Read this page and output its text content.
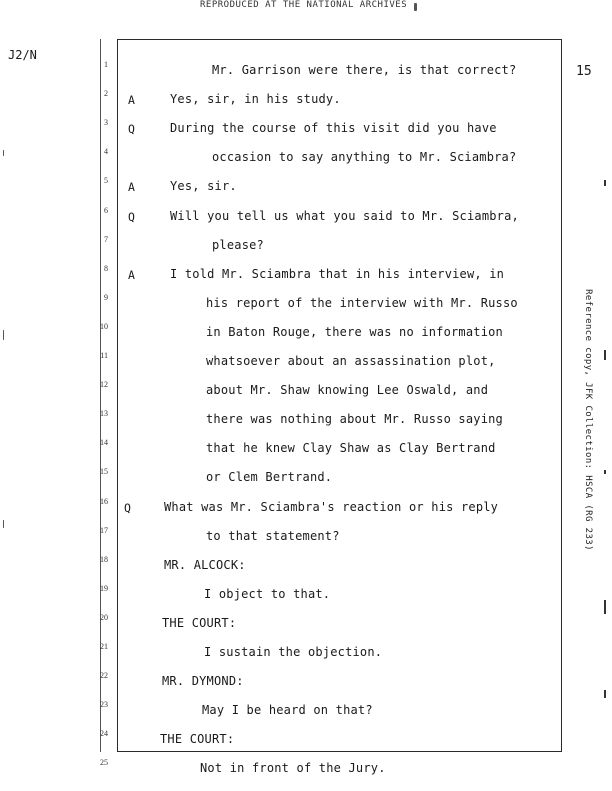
REPRODUCED AT THE NATIONAL ARCHIVES
J2/N
15
Reference copy, JFK Collection: HSCA (RG 233)
1	Mr. Garrison were there, is that correct?
2 A	Yes, sir, in his study.
3 Q	During the course of this visit did you have
4	occasion to say anything to Mr. Sciambra?
5 A	Yes, sir.
6 Q	Will you tell us what you said to Mr. Sciambra,
7	please?
8 A	I told Mr. Sciambra that in his interview, in
9	his report of the interview with Mr. Russo
10	in Baton Rouge, there was no information
11	whatsoever about an assassination plot,
12	about Mr. Shaw knowing Lee Oswald, and
13	there was nothing about Mr. Russo saying
14	that he knew Clay Shaw as Clay Bertrand
15	or Clem Bertrand.
16 Q	What was Mr. Sciambra's reaction or his reply
17	to that statement?
18	MR. ALCOCK:
19	I object to that.
20	THE COURT:
21	I sustain the objection.
22	MR. DYMOND:
23	May I be heard on that?
24	THE COURT:
25	Not in front of the Jury.
